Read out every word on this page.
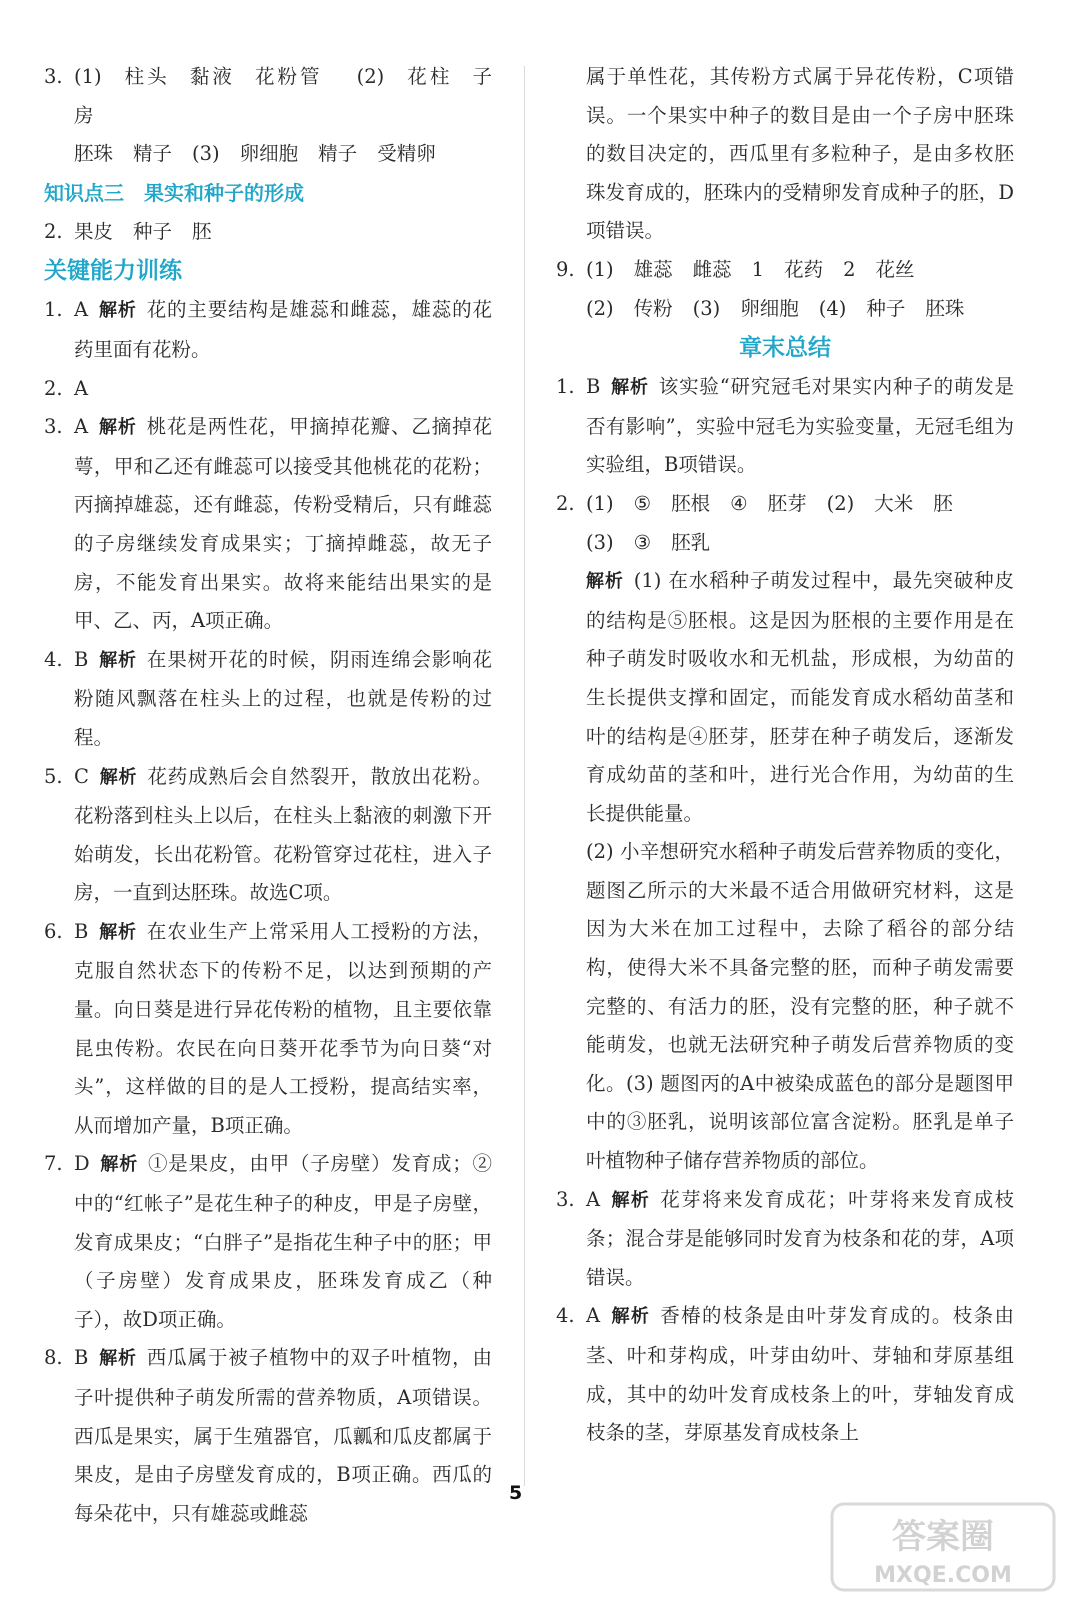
3. (1) 柱头 黏液 花粉管 (2) 花柱 子房

胚珠 精子 (3) 卵细胞 精子 受精卵

知识点三　果实和种子的形成

2. 果皮 种子 胚

关键能力训练

1. A 解析 花的主要结构是雄蕊和雌蕊，雄蕊的花药里面有花粉。

2. A

3. A 解析 桃花是两性花，甲摘掉花瓣、乙摘掉花萼，甲和乙还有雌蕊可以接受其他桃花的花粉；丙摘掉雄蕊，还有雌蕊，传粉受精后，只有雌蕊的子房继续发育成果实；丁摘掉雌蕊，故无子房，不能发育出果实。故将来能结出果实的是甲、乙、丙，A项正确。

4. B 解析 在果树开花的时候，阴雨连绵会影响花粉随风飘落在柱头上的过程，也就是传粉的过程。

5. C 解析 花药成熟后会自然裂开，散放出花粉。花粉落到柱头上以后，在柱头上黏液的刺激下开始萌发，长出花粉管。花粉管穿过花柱，进入子房，一直到达胚珠。故选C项。

6. B 解析 在农业生产上常采用人工授粉的方法，克服自然状态下的传粉不足，以达到预期的产量。向日葵是进行异花传粉的植物，且主要依靠昆虫传粉。农民在向日葵开花季节为向日葵“对头”，这样做的目的是人工授粉，提高结实率，从而增加产量，B项正确。

7. D 解析 ①是果皮，由甲（子房壁）发育成；②中的“红帐子”是花生种子的种皮，甲是子房壁，发育成果皮；“白胖子”是指花生种子中的胚；甲（子房壁）发育成果皮，胚珠发育成乙（种子），故D项正确。

8. B 解析 西瓜属于被子植物中的双子叶植物，由子叶提供种子萌发所需的营养物质，A项错误。西瓜是果实，属于生殖器官，瓜瓤和瓜皮都属于果皮，是由子房壁发育成的，B项正确。西瓜的每朵花中，只有雄蕊或雌蕊

属于单性花，其传粉方式属于异花传粉，C项错误。一个果实中种子的数目是由一个子房中胚珠的数目决定的，西瓜里有多粒种子，是由多枚胚珠发育成的，胚珠内的受精卵发育成种子的胚，D项错误。

9. (1) 雄蕊 雌蕊 1 花药 2 花丝

(2) 传粉 (3) 卵细胞 (4) 种子 胚珠

章末总结

1. B 解析 该实验“研究冠毛对果实内种子的萌发是否有影响”，实验中冠毛为实验变量，无冠毛组为实验组，B项错误。

2. (1) ⑤ 胚根 ④ 胚芽 (2) 大米 胚

(3) ③ 胚乳

解析 (1) 在水稻种子萌发过程中，最先突破种皮的结构是⑤胚根。这是因为胚根的主要作用是在种子萌发时吸收水和无机盐，形成根，为幼苗的生长提供支撑和固定，而能发育成水稻幼苗茎和叶的结构是④胚芽，胚芽在种子萌发后，逐渐发育成幼苗的茎和叶，进行光合作用，为幼苗的生长提供能量。

(2) 小辛想研究水稻种子萌发后营养物质的变化，题图乙所示的大米最不适合用做研究材料，这是因为大米在加工过程中，去除了稻谷的部分结构，使得大米不具备完整的胚，而种子萌发需要完整的、有活力的胚，没有完整的胚，种子就不能萌发，也就无法研究种子萌发后营养物质的变化。(3) 题图丙的A中被染成蓝色的部分是题图甲中的③胚乳，说明该部位富含淀粉。胚乳是单子叶植物种子储存营养物质的部位。

3. A 解析 花芽将来发育成花；叶芽将来发育成枝条；混合芽是能够同时发育为枝条和花的芽，A项错误。

4. A 解析 香椿的枝条是由叶芽发育成的。枝条由茎、叶和芽构成，叶芽由幼叶、芽轴和芽原基组成，其中的幼叶发育成枝条上的叶，芽轴发育成枝条的茎，芽原基发育成枝条上

5
答案圈
MXQE.COM
